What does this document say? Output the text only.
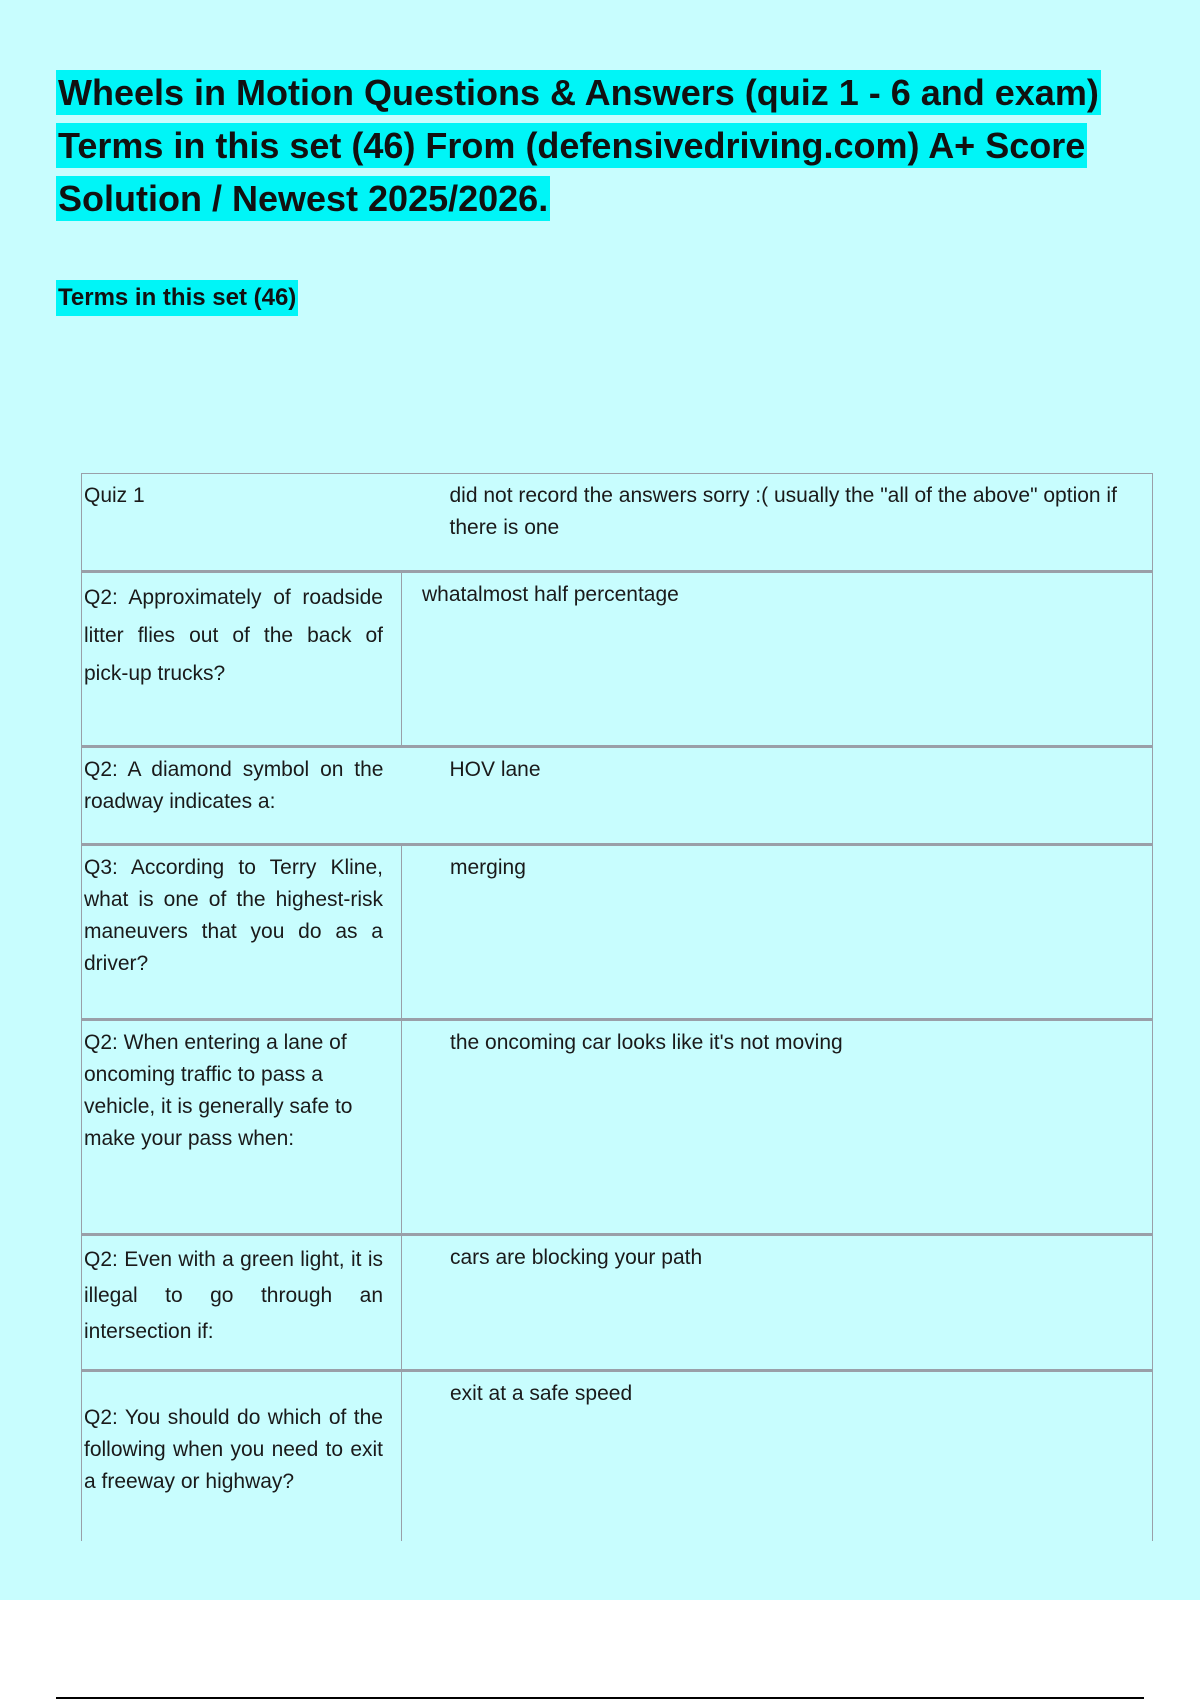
Wheels in Motion Questions & Answers (quiz 1 - 6 and exam)
Terms in this set (46) From (defensivedriving.com) A+ Score
Solution / Newest 2025/2026.
Terms in this set (46)
Quiz 1	did not record the answers sorry :( usually the "all of the above" option if there is one
Q2: Approximately of roadside litter flies out of the back of pick-up trucks?	whatalmost half percentage
Q2: A diamond symbol on the roadway indicates a:	HOV lane
Q3: According to Terry Kline, what is one of the highest-risk maneuvers that you do as a driver?	merging
Q2: When entering a lane of oncoming traffic to pass a vehicle, it is generally safe to make your pass when:	the oncoming car looks like it's not moving
Q2: Even with a green light, it is illegal to go through an intersection if:	cars are blocking your path
Q2: You should do which of the following when you need to exit a freeway or highway?	exit at a safe speed
